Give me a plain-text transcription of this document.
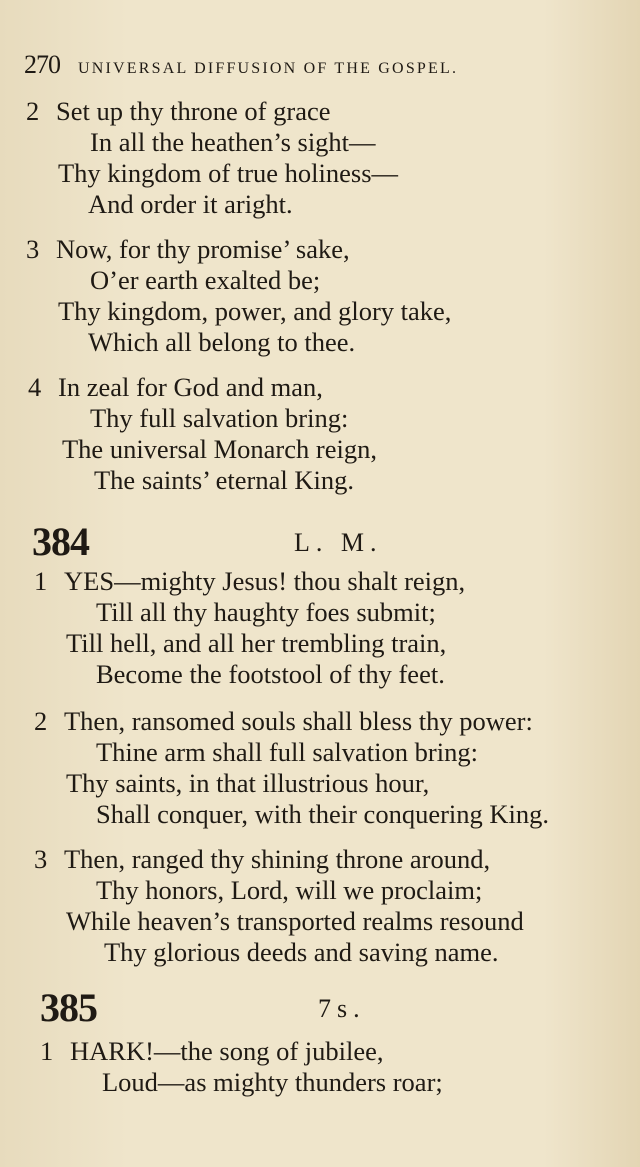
270 UNIVERSAL DIFFUSION OF THE GOSPEL.
2 Set up thy throne of grace
In all the heathen’s sight—
Thy kingdom of true holiness—
And order it aright.
3 Now, for thy promise’ sake,
O’er earth exalted be;
Thy kingdom, power, and glory take,
Which all belong to thee.
4 In zeal for God and man,
Thy full salvation bring:
The universal Monarch reign,
The saints’ eternal King.
384	L. M.
1 YES—mighty Jesus! thou shalt reign,
Till all thy haughty foes submit;
Till hell, and all her trembling train,
Become the footstool of thy feet.
2 Then, ransomed souls shall bless thy power:
Thine arm shall full salvation bring:
Thy saints, in that illustrious hour,
Shall conquer, with their conquering King.
3 Then, ranged thy shining throne around,
Thy honors, Lord, will we proclaim;
While heaven’s transported realms resound
Thy glorious deeds and saving name.
385	7s.
1 HARK!—the song of jubilee,
Loud—as mighty thunders roar;
